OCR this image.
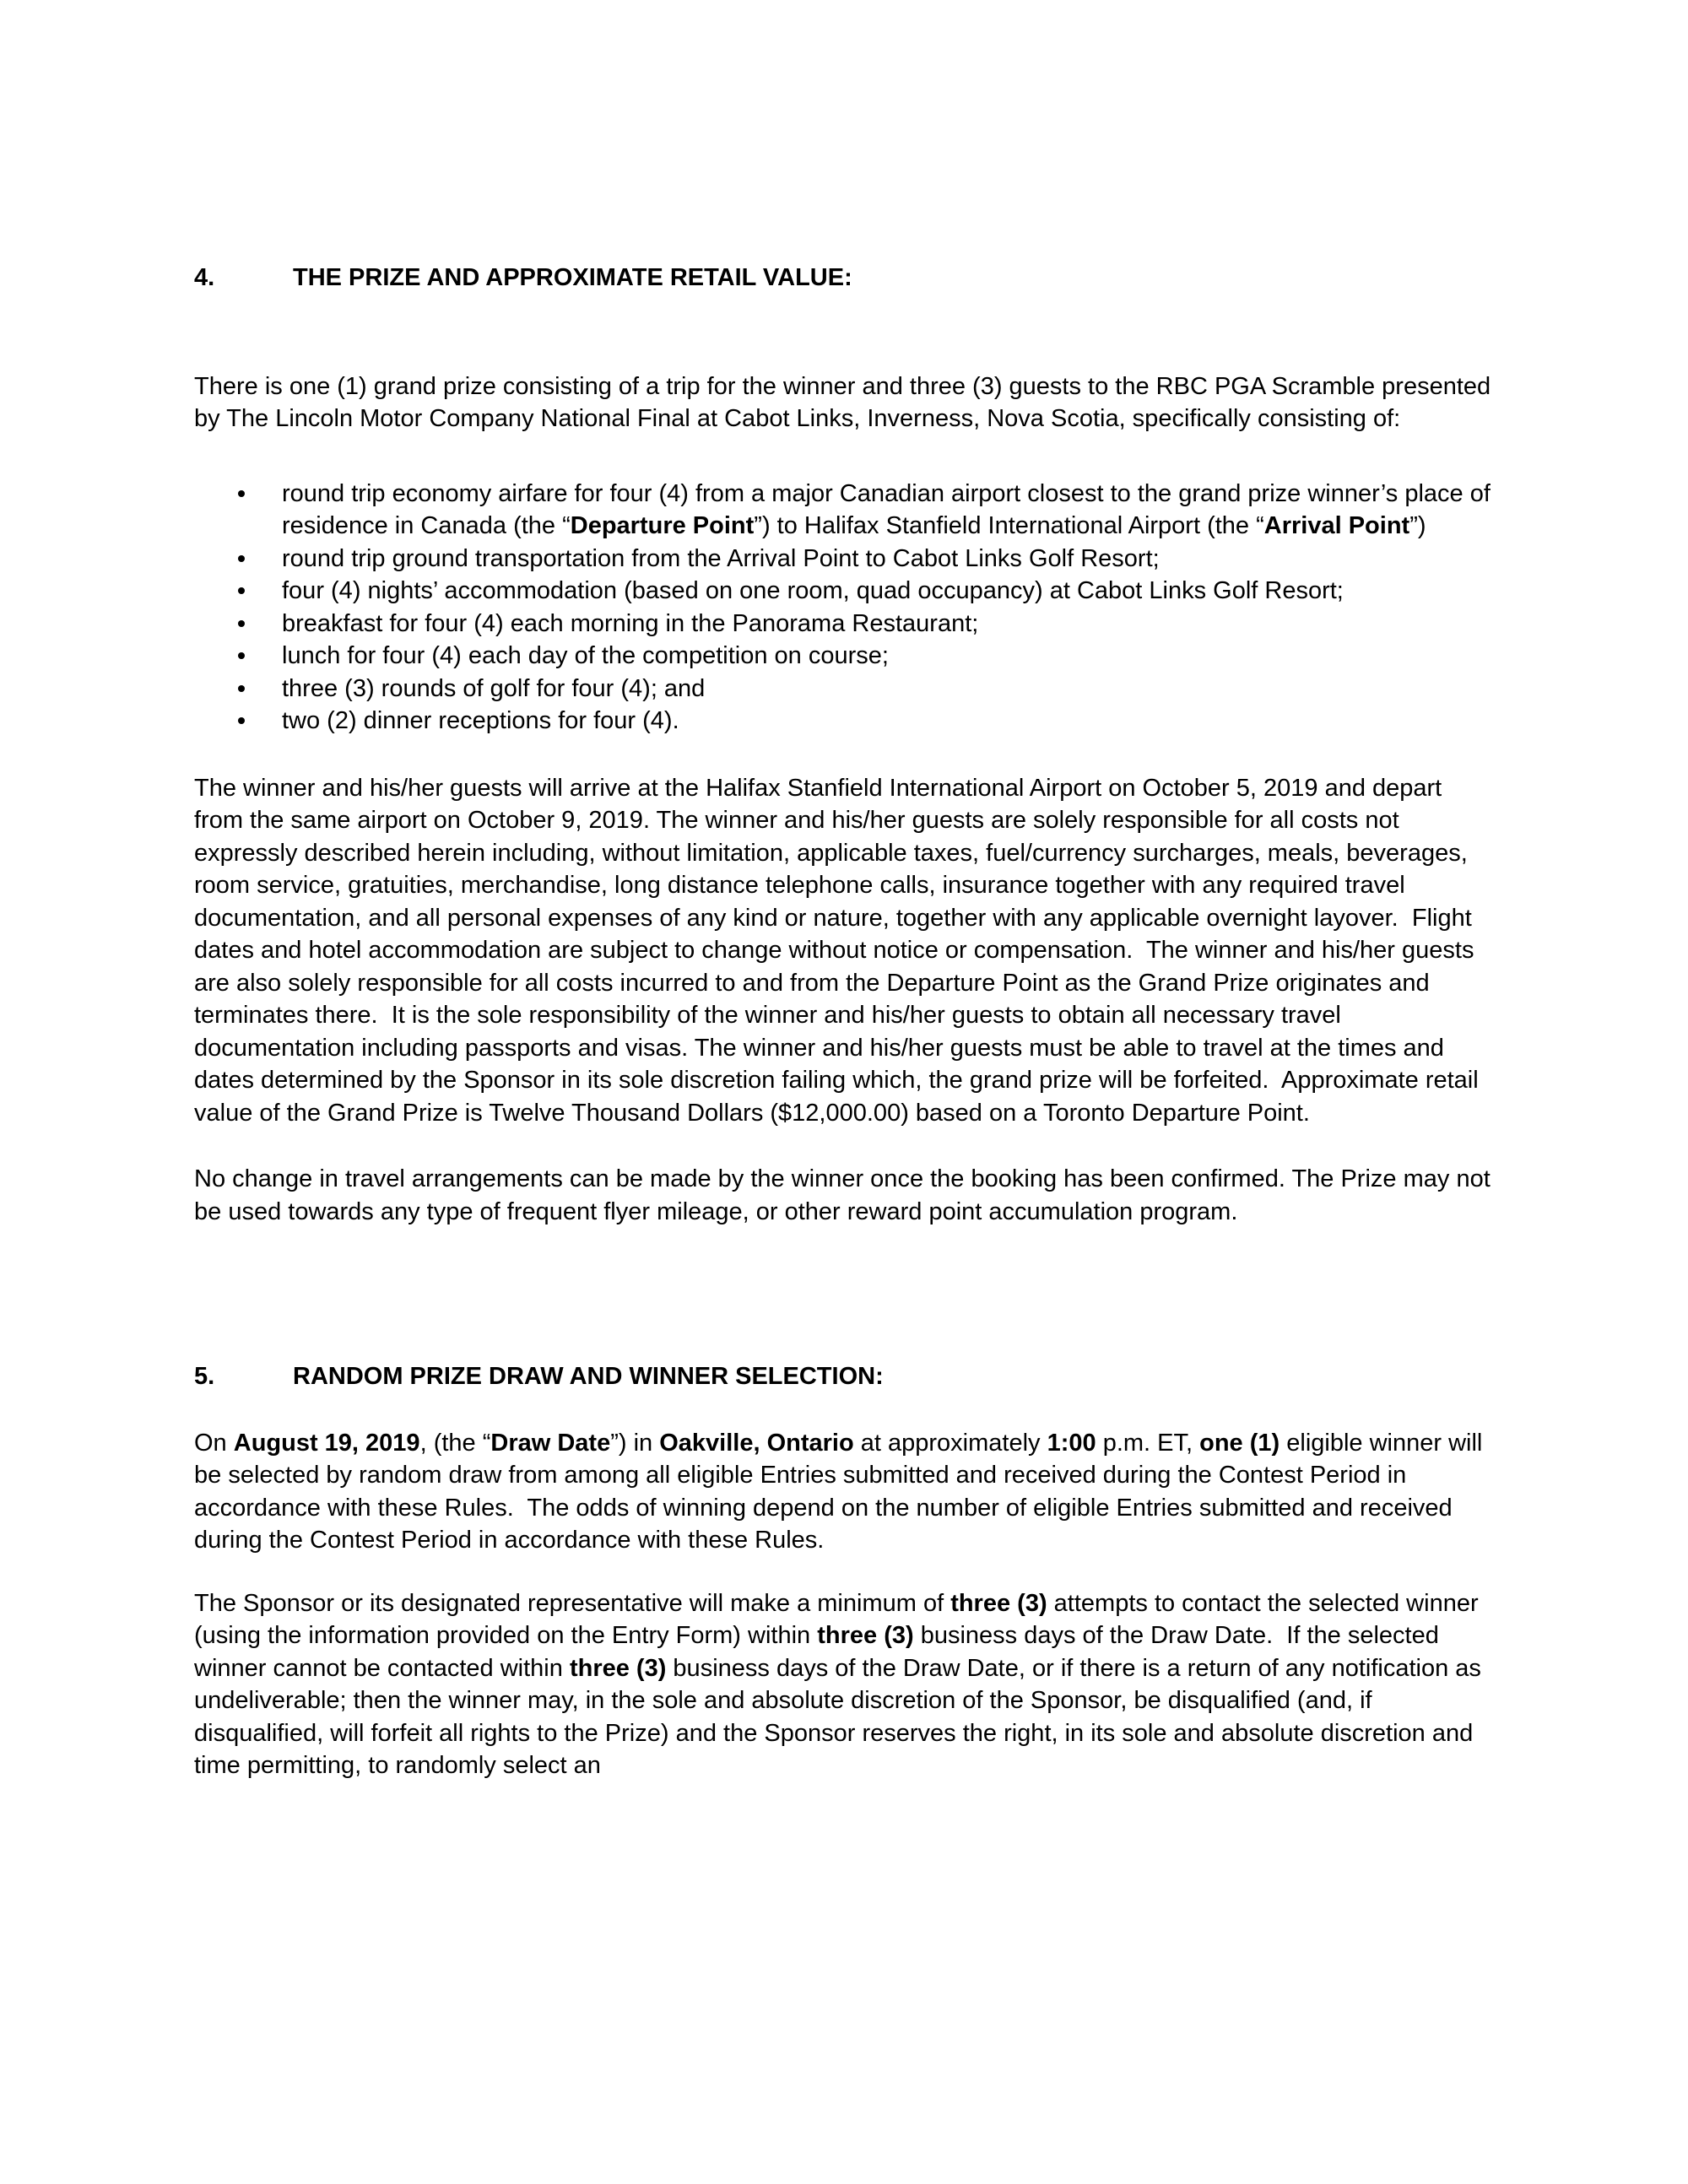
4.	THE PRIZE AND APPROXIMATE RETAIL VALUE:

There is one (1) grand prize consisting of a trip for the winner and three (3) guests to the RBC PGA Scramble presented by The Lincoln Motor Company National Final at Cabot Links, Inverness, Nova Scotia, specifically consisting of:

round trip economy airfare for four (4) from a major Canadian airport closest to the grand prize winner’s place of residence in Canada (the “Departure Point”) to Halifax Stanfield International Airport (the “Arrival Point”)
round trip ground transportation from the Arrival Point to Cabot Links Golf Resort;
four (4) nights’ accommodation (based on one room, quad occupancy) at Cabot Links Golf Resort;
breakfast for four (4) each morning in the Panorama Restaurant;
lunch for four (4) each day of the competition on course;
three (3) rounds of golf for four (4); and
two (2) dinner receptions for four (4).

The winner and his/her guests will arrive at the Halifax Stanfield International Airport on October 5, 2019 and depart from the same airport on October 9, 2019. The winner and his/her guests are solely responsible for all costs not expressly described herein including, without limitation, applicable taxes, fuel/currency surcharges, meals, beverages, room service, gratuities, merchandise, long distance telephone calls, insurance together with any required travel documentation, and all personal expenses of any kind or nature, together with any applicable overnight layover.  Flight dates and hotel accommodation are subject to change without notice or compensation.  The winner and his/her guests are also solely responsible for all costs incurred to and from the Departure Point as the Grand Prize originates and terminates there.  It is the sole responsibility of the winner and his/her guests to obtain all necessary travel documentation including passports and visas. The winner and his/her guests must be able to travel at the times and dates determined by the Sponsor in its sole discretion failing which, the grand prize will be forfeited.  Approximate retail value of the Grand Prize is Twelve Thousand Dollars ($12,000.00) based on a Toronto Departure Point.

No change in travel arrangements can be made by the winner once the booking has been confirmed. The Prize may not be used towards any type of frequent flyer mileage, or other reward point accumulation program.

5.	RANDOM PRIZE DRAW AND WINNER SELECTION:

On August 19, 2019, (the “Draw Date”) in Oakville, Ontario at approximately 1:00 p.m. ET, one (1) eligible winner will be selected by random draw from among all eligible Entries submitted and received during the Contest Period in accordance with these Rules.  The odds of winning depend on the number of eligible Entries submitted and received during the Contest Period in accordance with these Rules.

The Sponsor or its designated representative will make a minimum of three (3) attempts to contact the selected winner (using the information provided on the Entry Form) within three (3) business days of the Draw Date.  If the selected winner cannot be contacted within three (3) business days of the Draw Date, or if there is a return of any notification as undeliverable; then the winner may, in the sole and absolute discretion of the Sponsor, be disqualified (and, if disqualified, will forfeit all rights to the Prize) and the Sponsor reserves the right, in its sole and absolute discretion and time permitting, to randomly select an
